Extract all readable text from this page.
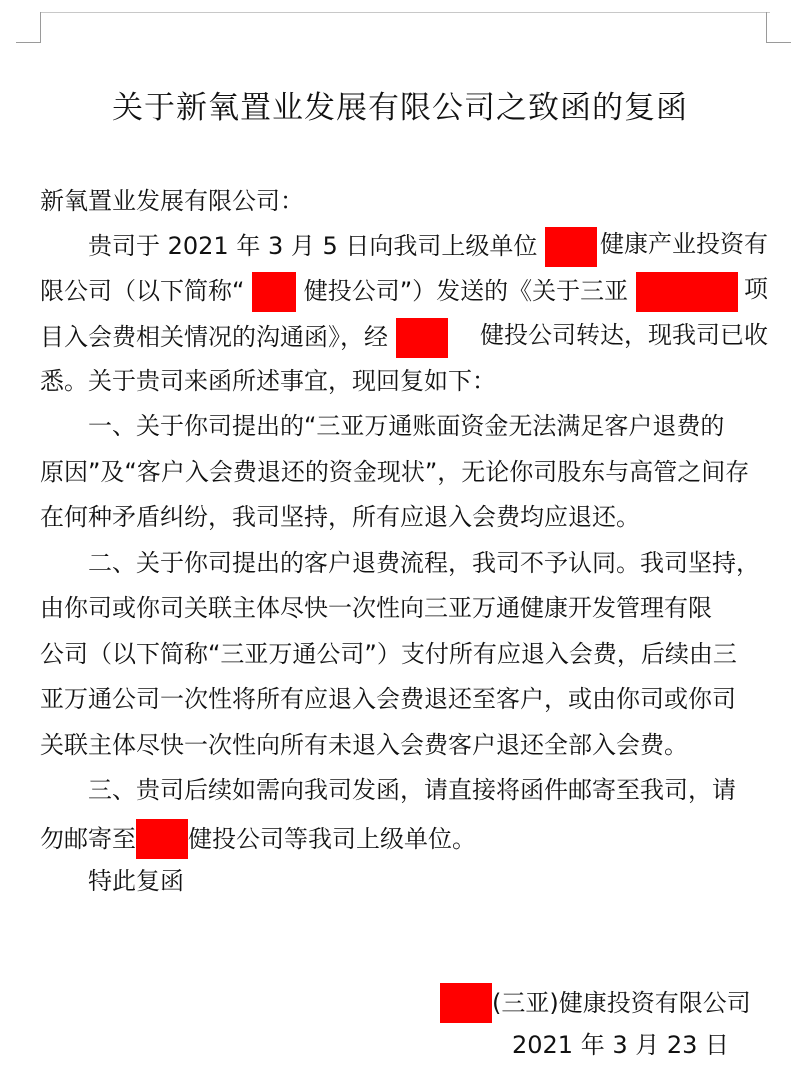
关于新氧置业发展有限公司之致函的复函
新氧置业发展有限公司：
贵司于 2021 年 3 月 5 日向我司上级单位	健康产业投资有
限公司（以下简称“ 健投公司”）发送的《关于三亚	项
目入会费相关情况的沟通函》，经	健投公司转达，现我司已收
悉。关于贵司来函所述事宜，现回复如下：
一、关于你司提出的“三亚万通账面资金无法满足客户退费的
原因”及“客户入会费退还的资金现状”，无论你司股东与高管之间存
在何种矛盾纠纷，我司坚持，所有应退入会费均应退还。
二、关于你司提出的客户退费流程，我司不予认同。我司坚持，
由你司或你司关联主体尽快一次性向三亚万通健康开发管理有限
公司（以下简称“三亚万通公司”）支付所有应退入会费，后续由三
亚万通公司一次性将所有应退入会费退还至客户，或由你司或你司
关联主体尽快一次性向所有未退入会费客户退还全部入会费。
三、贵司后续如需向我司发函，请直接将函件邮寄至我司，请
勿邮寄至 健投公司等我司上级单位。
特此复函
(三亚)健康投资有限公司
2021 年 3 月 23 日
